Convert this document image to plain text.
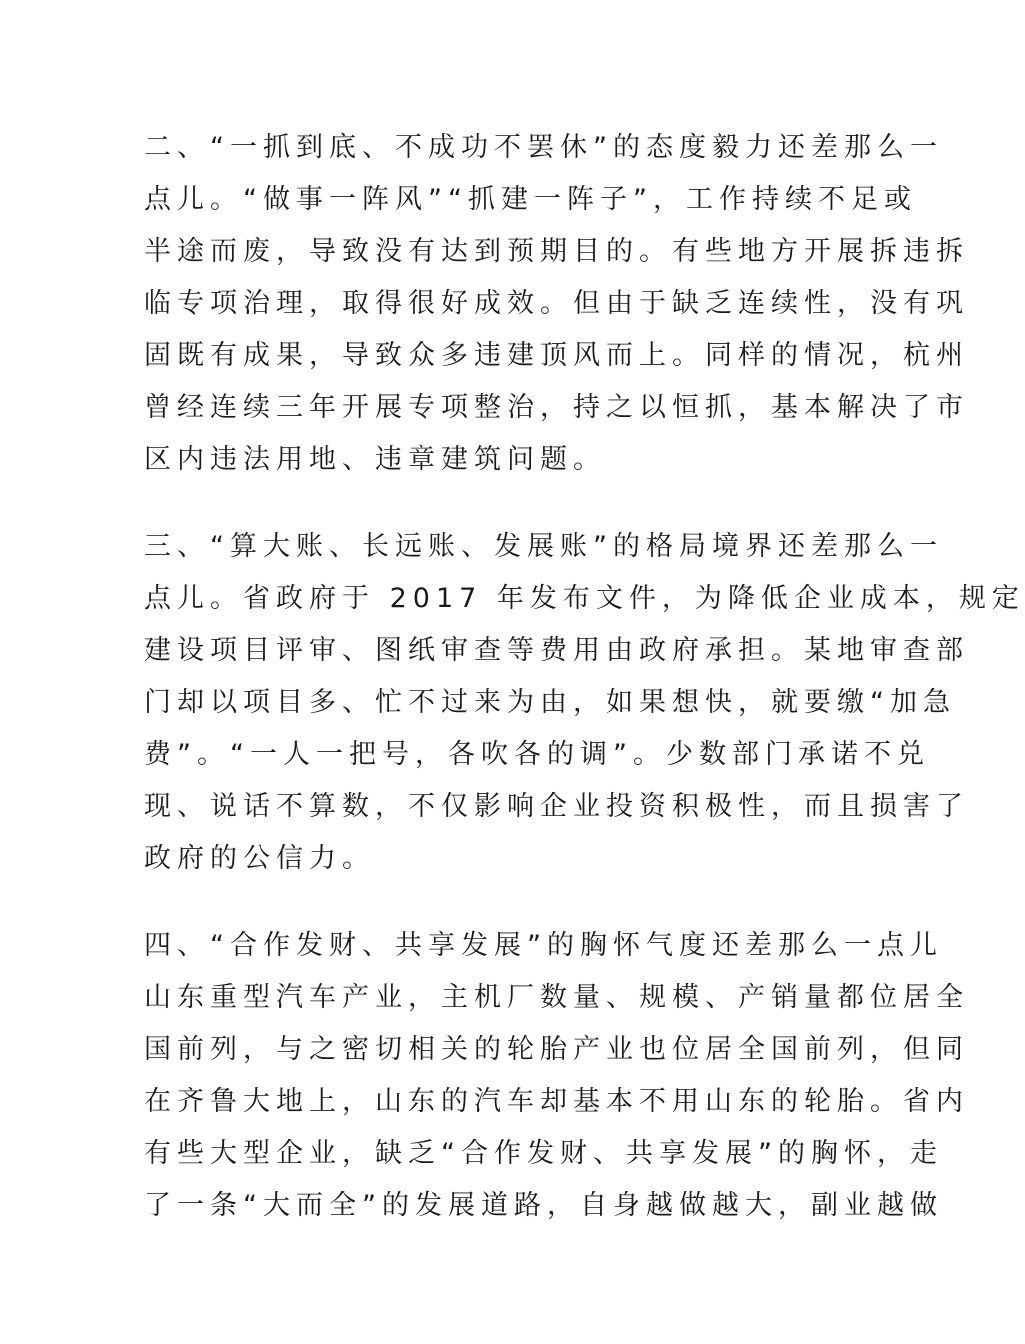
二、“一抓到底、不成功不罢休”的态度毅力还差那么一
点儿。“做事一阵风”“抓建一阵子”，工作持续不足或
半途而废，导致没有达到预期目的。有些地方开展拆违拆
临专项治理，取得很好成效。但由于缺乏连续性，没有巩
固既有成果，导致众多违建顶风而上。同样的情况，杭州
曾经连续三年开展专项整治，持之以恒抓，基本解决了市
区内违法用地、违章建筑问题。
三、“算大账、长远账、发展账”的格局境界还差那么一
点儿。省政府于 2017 年发布文件，为降低企业成本，规定
建设项目评审、图纸审查等费用由政府承担。某地审查部
门却以项目多、忙不过来为由，如果想快，就要缴“加急
费”。“一人一把号，各吹各的调”。少数部门承诺不兑
现、说话不算数，不仅影响企业投资积极性，而且损害了
政府的公信力。
四、“合作发财、共享发展”的胸怀气度还差那么一点儿
山东重型汽车产业，主机厂数量、规模、产销量都位居全
国前列，与之密切相关的轮胎产业也位居全国前列，但同
在齐鲁大地上，山东的汽车却基本不用山东的轮胎。省内
有些大型企业，缺乏“合作发财、共享发展”的胸怀，走
了一条“大而全”的发展道路，自身越做越大，副业越做
